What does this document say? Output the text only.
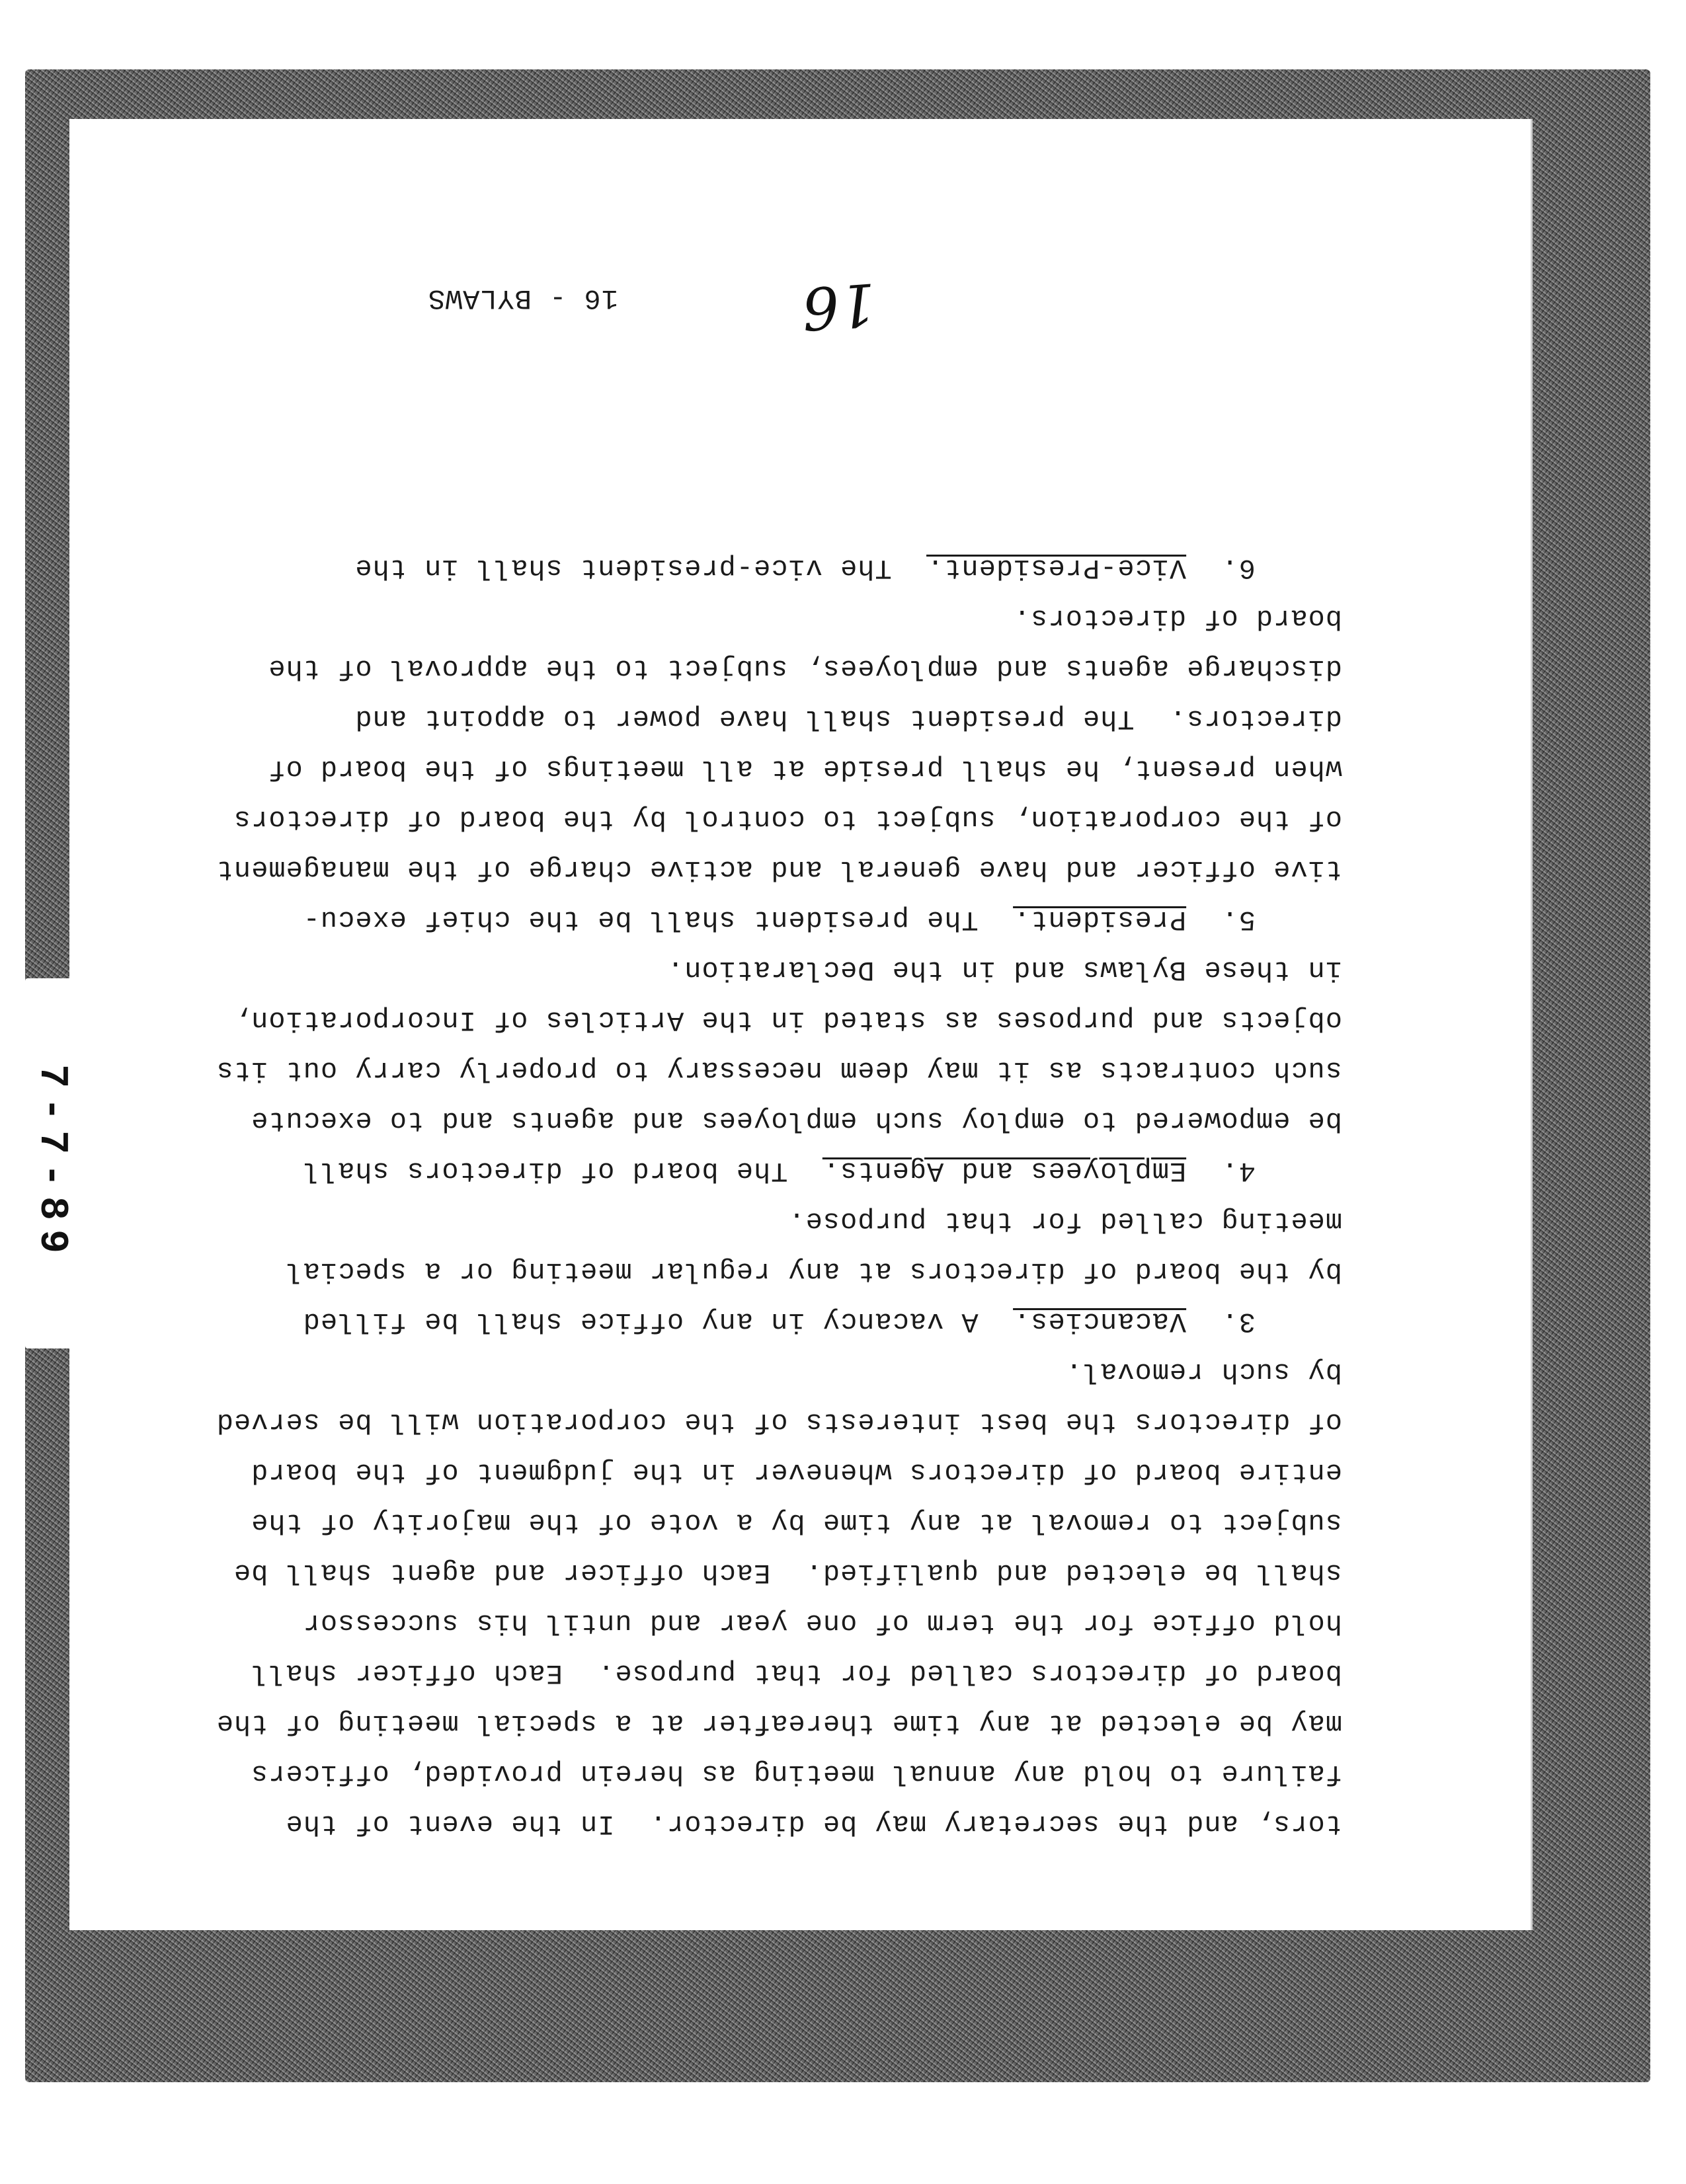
7-7-89
tors, and the secretary may be director.  In the event of the
failure to hold any annual meeting as herein provided, officers
may be elected at any time thereafter at a special meeting of the
board of directors called for that purpose.  Each officer shall
hold office for the term of one year and until his successor
shall be elected and qualified.  Each officer and agent shall be
subject to removal at any time by a vote of the majority of the
entire board of directors whenever in the judgment of the board
of directors the best interests of the corporation will be served
by such removal.
3.  Vacancies.  A vacancy in any office shall be filled
by the board of directors at any regular meeting or a special
meeting called for that purpose.
4.  Employees and Agents.  The board of directors shall
be empowered to employ such employees and agents and to execute
such contracts as it may deem necessary to properly carry out its
objects and purposes as stated in the Articles of Incorporation,
in these Bylaws and in the Declaration.
5.  President.  The president shall be the chief execu-
tive officer and have general and active charge of the management
of the corporation, subject to control by the board of directors
when present, he shall preside at all meetings of the board of
directors.  The president shall have power to appoint and
discharge agents and employees, subject to the approval of the
board of directors.
6.  Vice-President.  The vice-president shall in the
16
16 - BYLAWS
